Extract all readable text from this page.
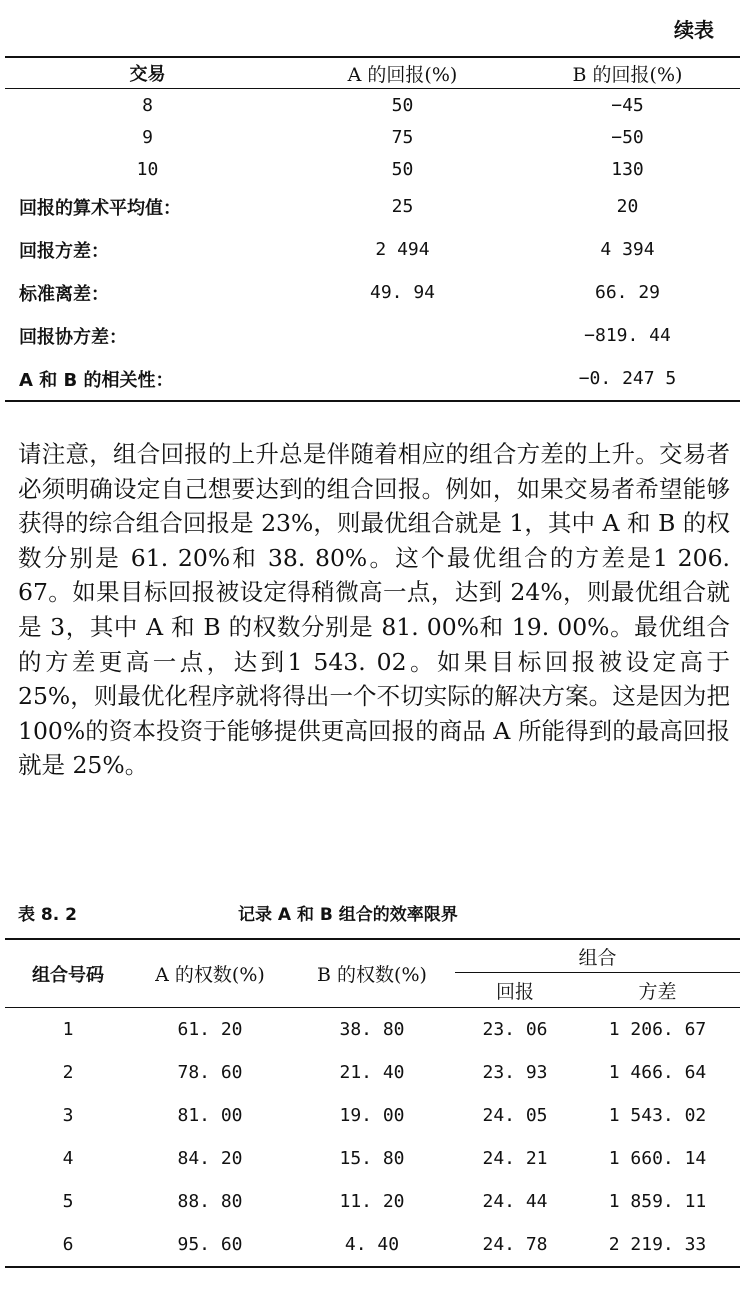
续表
交易	A 的回报(%)	B 的回报(%)
8	50	−45
9	75	−50
10	50	130
回报的算术平均值：	25	20
回报方差：	2 494	4 394
标准离差：	49. 94	66. 29
回报协方差：		−819. 44
A 和 B 的相关性：		−0. 247 5

请注意，组合回报的上升总是伴随着相应的组合方差的上升。交易者必须明确设定自己想要达到的组合回报。例如，如果交易者希望能够获得的综合组合回报是 23%，则最优组合就是 1，其中 A 和 B 的权数分别是 61. 20%和 38. 80%。这个最优组合的方差是1 206. 67。如果目标回报被设定得稍微高一点，达到 24%，则最优组合就是 3，其中 A 和 B 的权数分别是 81. 00%和 19. 00%。最优组合的方差更高一点，达到1 543. 02。如果目标回报被设定高于 25%，则最优化程序就将得出一个不切实际的解决方案。这是因为把 100%的资本投资于能够提供更高回报的商品 A 所能得到的最高回报就是 25%。

表 8. 2	记录 A 和 B 组合的效率限界
组合号码	A 的权数(%)	B 的权数(%)	组合	
			回报	方差
1	61. 20	38. 80	23. 06	1 206. 67
2	78. 60	21. 40	23. 93	1 466. 64
3	81. 00	19. 00	24. 05	1 543. 02
4	84. 20	15. 80	24. 21	1 660. 14
5	88. 80	11. 20	24. 44	1 859. 11
6	95. 60	4. 40	24. 78	2 219. 33
